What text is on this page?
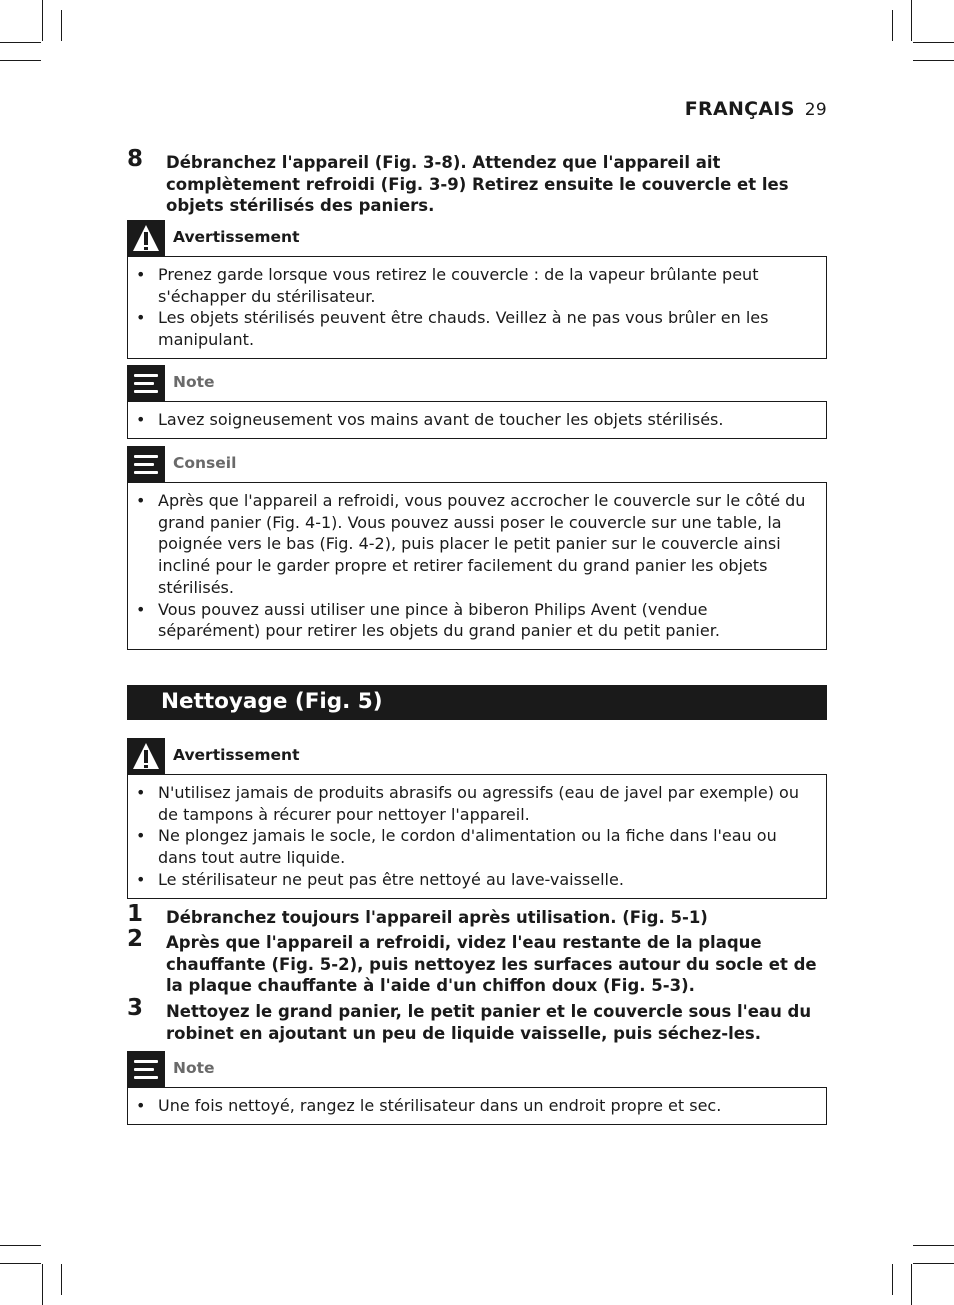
FRANÇAIS 29
8 Débranchez l'appareil (Fig. 3-8). Attendez que l'appareil ait complètement refroidi (Fig. 3-9) Retirez ensuite le couvercle et les objets stérilisés des paniers.
Avertissement
• Prenez garde lorsque vous retirez le couvercle : de la vapeur brûlante peut s'échapper du stérilisateur.
• Les objets stérilisés peuvent être chauds. Veillez à ne pas vous brûler en les manipulant.
Note
• Lavez soigneusement vos mains avant de toucher les objets stérilisés.
Conseil
• Après que l'appareil a refroidi, vous pouvez accrocher le couvercle sur le côté du grand panier (Fig. 4-1). Vous pouvez aussi poser le couvercle sur une table, la poignée vers le bas (Fig. 4-2), puis placer le petit panier sur le couvercle ainsi incliné pour le garder propre et retirer facilement du grand panier les objets stérilisés.
• Vous pouvez aussi utiliser une pince à biberon Philips Avent (vendue séparément) pour retirer les objets du grand panier et du petit panier.
Nettoyage (Fig. 5)
Avertissement
• N'utilisez jamais de produits abrasifs ou agressifs (eau de javel par exemple) ou de tampons à récurer pour nettoyer l'appareil.
• Ne plongez jamais le socle, le cordon d'alimentation ou la fiche dans l'eau ou dans tout autre liquide.
• Le stérilisateur ne peut pas être nettoyé au lave-vaisselle.
1 Débranchez toujours l'appareil après utilisation. (Fig. 5-1)
2 Après que l'appareil a refroidi, videz l'eau restante de la plaque chauffante (Fig. 5-2), puis nettoyez les surfaces autour du socle et de la plaque chauffante à l'aide d'un chiffon doux (Fig. 5-3).
3 Nettoyez le grand panier, le petit panier et le couvercle sous l'eau du robinet en ajoutant un peu de liquide vaisselle, puis séchez-les.
Note
• Une fois nettoyé, rangez le stérilisateur dans un endroit propre et sec.
